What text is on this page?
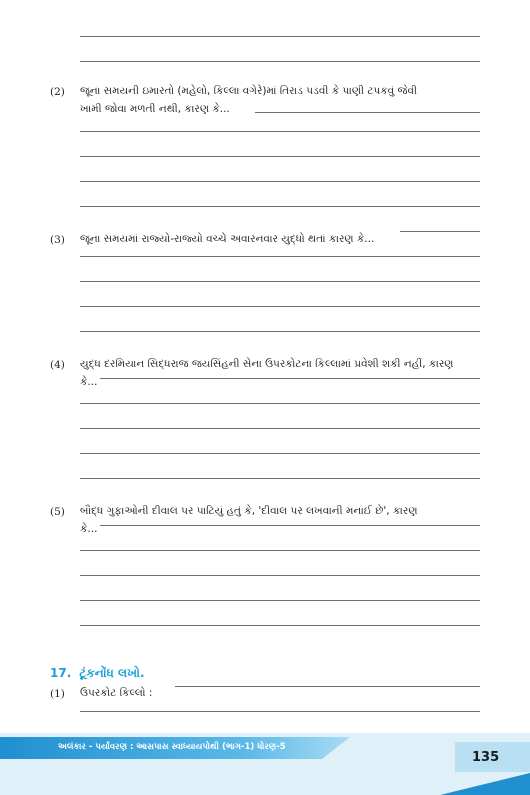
(2) જૂના સમયની ઇમારતો (મહેલો, કિલ્લા વગેરે)માં તિરાડ પડવી કે પાણી ટપકવું જેવી
ખામી જોવા મળતી નથી, કારણ કે...
(3) જૂના સમયમાં રાજ્યો-રાજ્યો વચ્ચે અવારનવાર યુદ્ધો થતાં કારણ કે...
(4) યુદ્ધ દરમિયાન સિદ્ધરાજ જયસિંહની સેના ઉપરકોટના કિલ્લામાં પ્રવેશી શકી નહીં, કારણ
કે...
(5) બૌદ્ધ ગુફાઓની દીવાલ પર પાટિયું હતું કે, 'દીવાલ પર લખવાની મનાઈ છે', કારણ
કે...
17. ટૂંકનોંધ લખો.
(1) ઉપરકોટ કિલ્લો :
અલંકાર - પર્યાવરણ : આસપાસ સ્વાધ્યાયપોથી (ભાગ-1) ધોરણ-5
135
